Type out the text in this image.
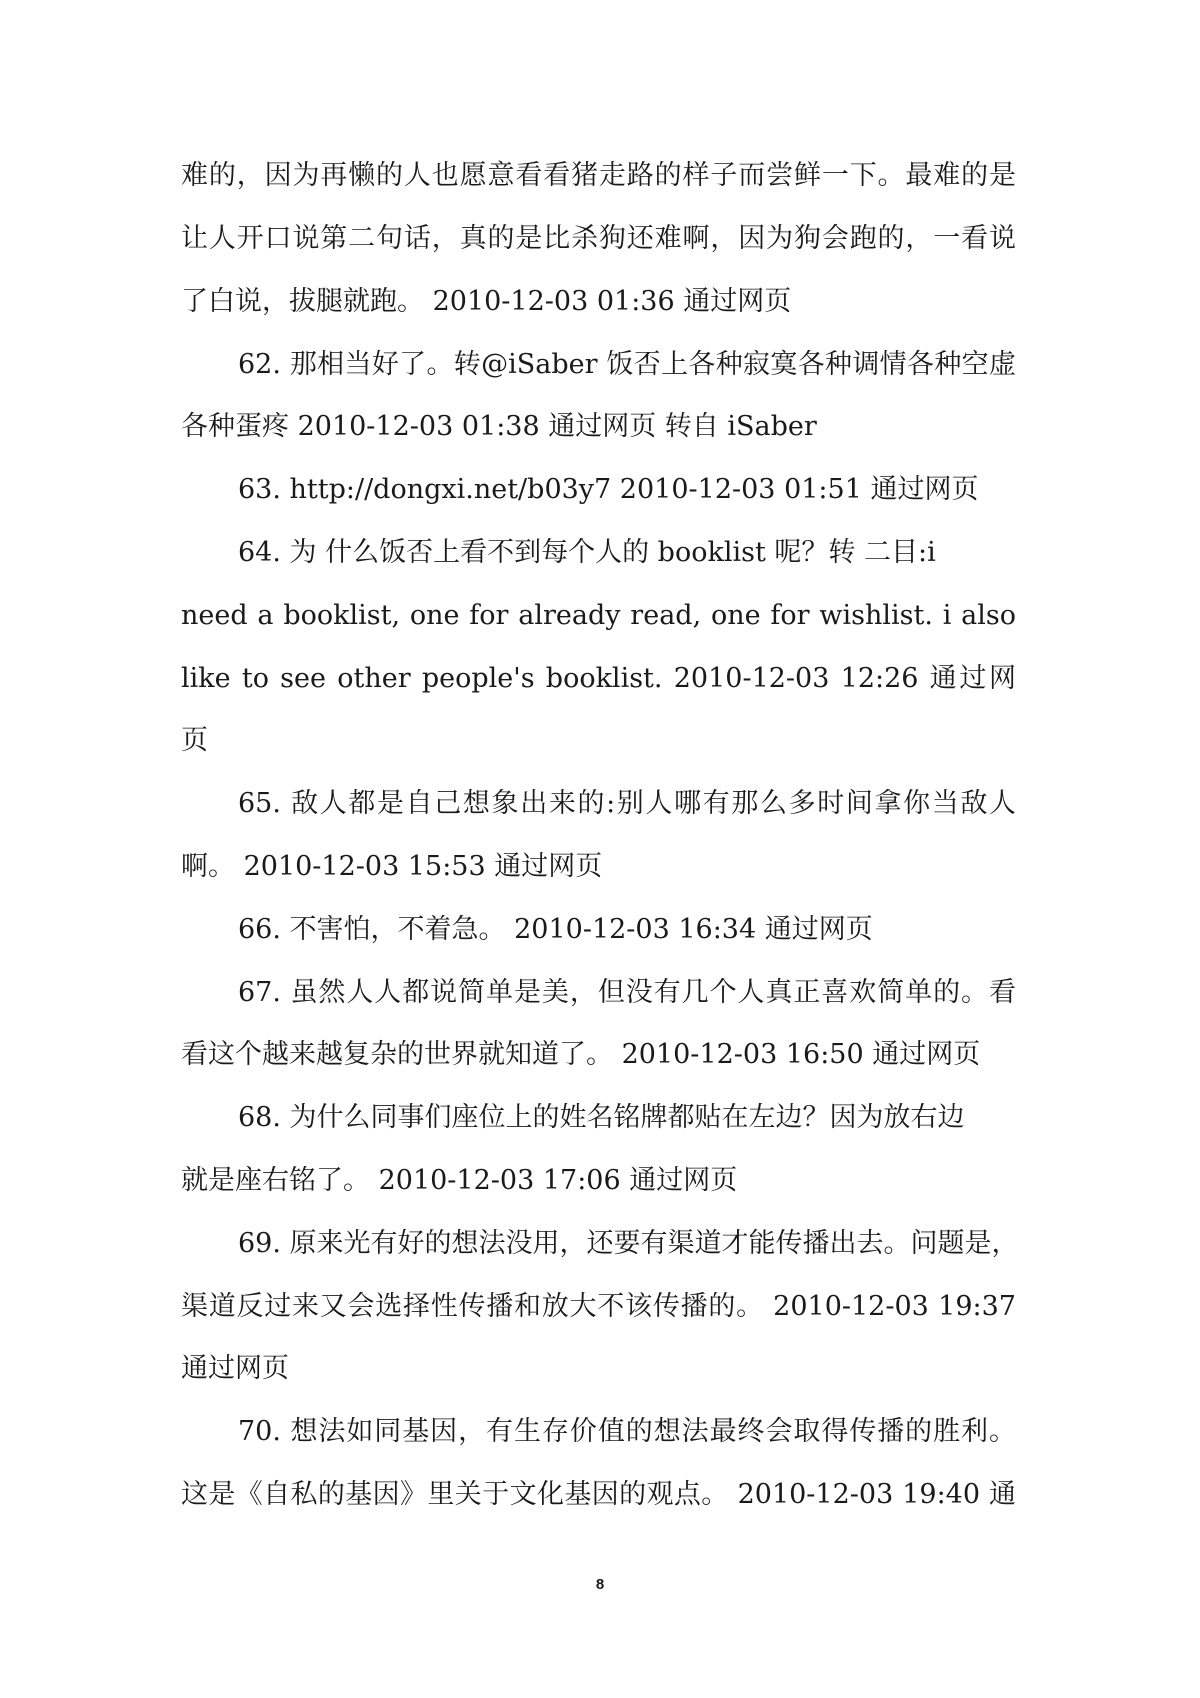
难的，因为再懒的人也愿意看看猪走路的样子而尝鲜一下。最难的是
让人开口说第二句话，真的是比杀狗还难啊，因为狗会跑的，一看说
了白说，拔腿就跑。 2010-12-03 01:36 通过网页
62. 那相当好了。转@iSaber 饭否上各种寂寞各种调情各种空虚
各种蛋疼 2010-12-03 01:38 通过网页 转自 iSaber
63. http://dongxi.net/b03y7 2010-12-03 01:51 通过网页
64. 为 什么饭否上看不到每个人的 booklist 呢？转 二目:i
need a booklist, one for already read, one for wishlist. i also
like to see other people's booklist. 2010-12-03 12:26 通过网
页
65. 敌人都是自己想象出来的:别人哪有那么多时间拿你当敌人
啊。 2010-12-03 15:53 通过网页
66. 不害怕，不着急。 2010-12-03 16:34 通过网页
67. 虽然人人都说简单是美，但没有几个人真正喜欢简单的。看
看这个越来越复杂的世界就知道了。 2010-12-03 16:50 通过网页
68. 为什么同事们座位上的姓名铭牌都贴在左边？因为放右边
就是座右铭了。 2010-12-03 17:06 通过网页
69. 原来光有好的想法没用，还要有渠道才能传播出去。问题是，
渠道反过来又会选择性传播和放大不该传播的。 2010-12-03 19:37
通过网页
70. 想法如同基因，有生存价值的想法最终会取得传播的胜利。
这是《自私的基因》里关于文化基因的观点。 2010-12-03 19:40 通
8
